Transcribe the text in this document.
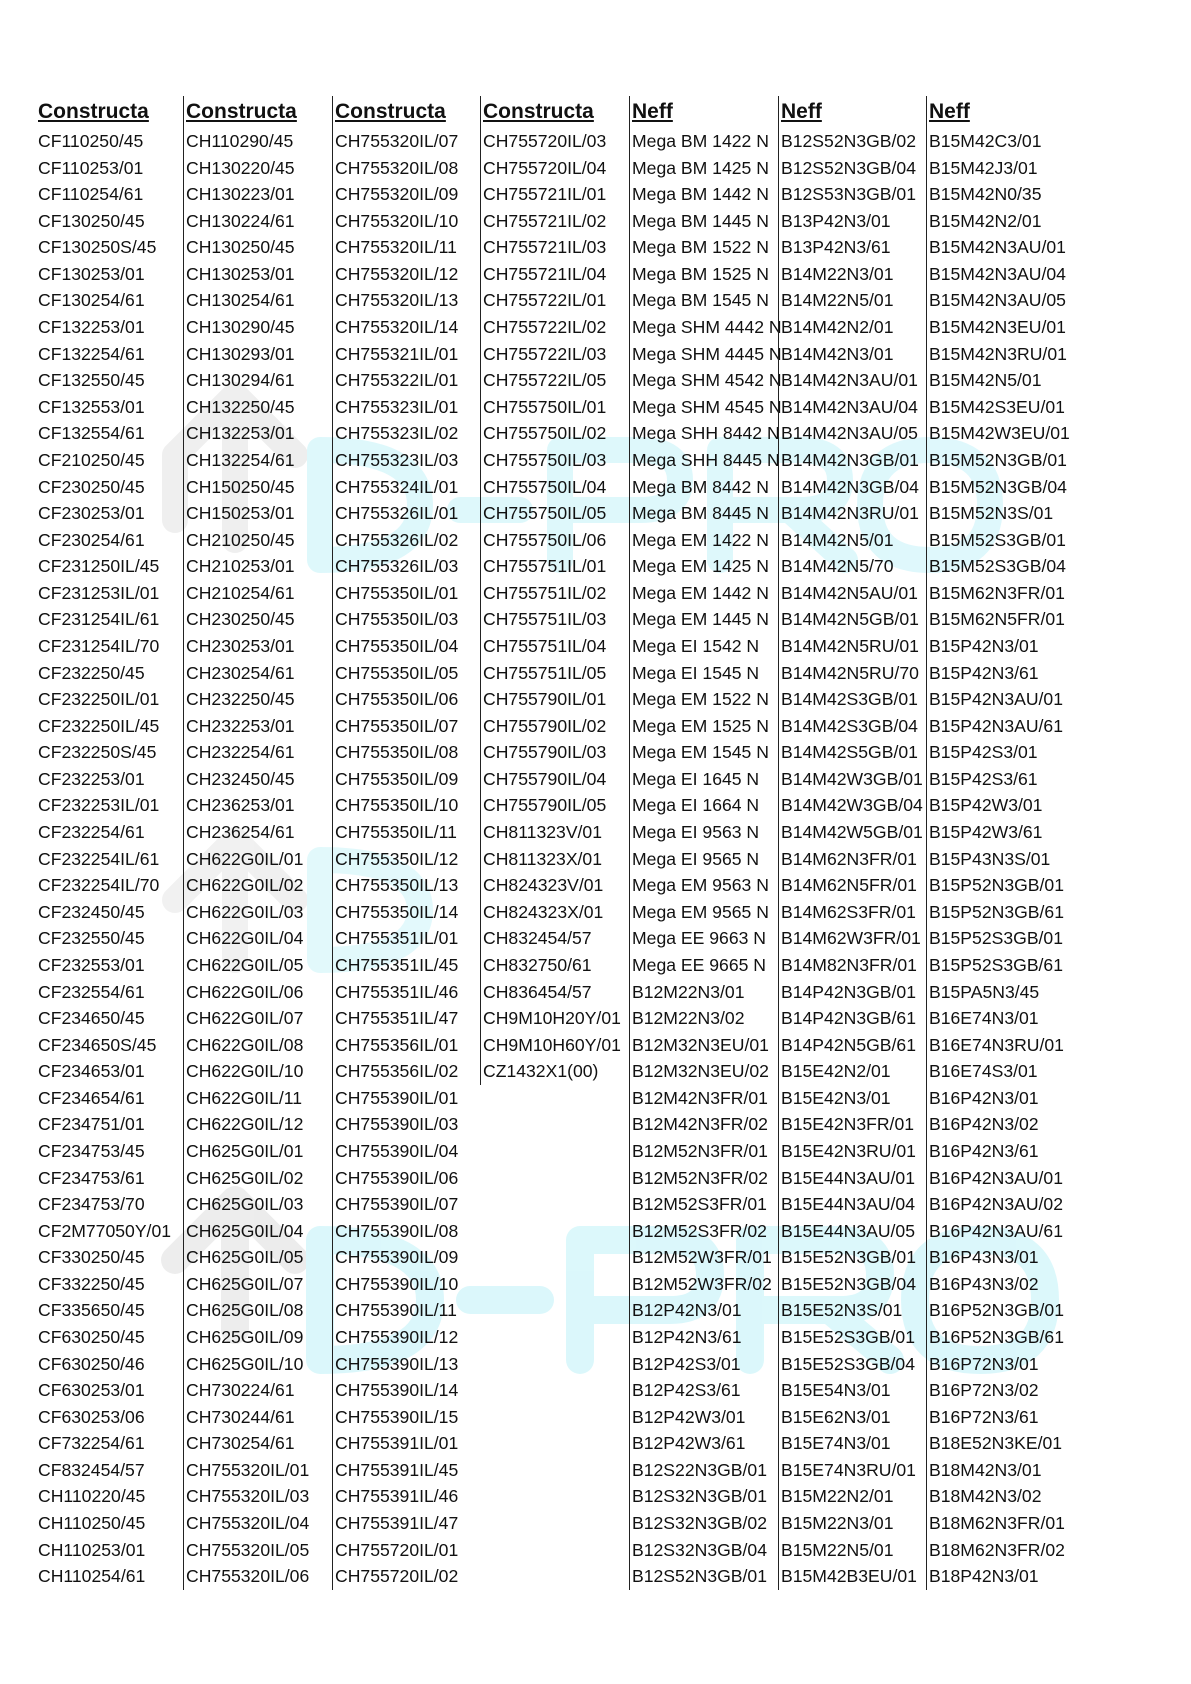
Constructa
CF110250/45
CF110253/01
CF110254/61
CF130250/45
CF130250S/45
CF130253/01
CF130254/61
CF132253/01
CF132254/61
CF132550/45
CF132553/01
CF132554/61
CF210250/45
CF230250/45
CF230253/01
CF230254/61
CF231250IL/45
CF231253IL/01
CF231254IL/61
CF231254IL/70
CF232250/45
CF232250IL/01
CF232250IL/45
CF232250S/45
CF232253/01
CF232253IL/01
CF232254/61
CF232254IL/61
CF232254IL/70
CF232450/45
CF232550/45
CF232553/01
CF232554/61
CF234650/45
CF234650S/45
CF234653/01
CF234654/61
CF234751/01
CF234753/45
CF234753/61
CF234753/70
CF2M77050Y/01
CF330250/45
CF332250/45
CF335650/45
CF630250/45
CF630250/46
CF630253/01
CF630253/06
CF732254/61
CF832454/57
CH110220/45
CH110250/45
CH110253/01
CH110254/61
Constructa
CH110290/45
CH130220/45
CH130223/01
CH130224/61
CH130250/45
CH130253/01
CH130254/61
CH130290/45
CH130293/01
CH130294/61
CH132250/45
CH132253/01
CH132254/61
CH150250/45
CH150253/01
CH210250/45
CH210253/01
CH210254/61
CH230250/45
CH230253/01
CH230254/61
CH232250/45
CH232253/01
CH232254/61
CH232450/45
CH236253/01
CH236254/61
CH622G0IL/01
CH622G0IL/02
CH622G0IL/03
CH622G0IL/04
CH622G0IL/05
CH622G0IL/06
CH622G0IL/07
CH622G0IL/08
CH622G0IL/10
CH622G0IL/11
CH622G0IL/12
CH625G0IL/01
CH625G0IL/02
CH625G0IL/03
CH625G0IL/04
CH625G0IL/05
CH625G0IL/07
CH625G0IL/08
CH625G0IL/09
CH625G0IL/10
CH730224/61
CH730244/61
CH730254/61
CH755320IL/01
CH755320IL/03
CH755320IL/04
CH755320IL/05
CH755320IL/06
Constructa
CH755320IL/07
CH755320IL/08
CH755320IL/09
CH755320IL/10
CH755320IL/11
CH755320IL/12
CH755320IL/13
CH755320IL/14
CH755321IL/01
CH755322IL/01
CH755323IL/01
CH755323IL/02
CH755323IL/03
CH755324IL/01
CH755326IL/01
CH755326IL/02
CH755326IL/03
CH755350IL/01
CH755350IL/03
CH755350IL/04
CH755350IL/05
CH755350IL/06
CH755350IL/07
CH755350IL/08
CH755350IL/09
CH755350IL/10
CH755350IL/11
CH755350IL/12
CH755350IL/13
CH755350IL/14
CH755351IL/01
CH755351IL/45
CH755351IL/46
CH755351IL/47
CH755356IL/01
CH755356IL/02
CH755390IL/01
CH755390IL/03
CH755390IL/04
CH755390IL/06
CH755390IL/07
CH755390IL/08
CH755390IL/09
CH755390IL/10
CH755390IL/11
CH755390IL/12
CH755390IL/13
CH755390IL/14
CH755390IL/15
CH755391IL/01
CH755391IL/45
CH755391IL/46
CH755391IL/47
CH755720IL/01
CH755720IL/02
Constructa
CH755720IL/03
CH755720IL/04
CH755721IL/01
CH755721IL/02
CH755721IL/03
CH755721IL/04
CH755722IL/01
CH755722IL/02
CH755722IL/03
CH755722IL/05
CH755750IL/01
CH755750IL/02
CH755750IL/03
CH755750IL/04
CH755750IL/05
CH755750IL/06
CH755751IL/01
CH755751IL/02
CH755751IL/03
CH755751IL/04
CH755751IL/05
CH755790IL/01
CH755790IL/02
CH755790IL/03
CH755790IL/04
CH755790IL/05
CH811323V/01
CH811323X/01
CH824323V/01
CH824323X/01
CH832454/57
CH832750/61
CH836454/57
CH9M10H20Y/01
CH9M10H60Y/01
CZ1432X1(00)
Neff
Mega BM 1422 N
Mega BM 1425 N
Mega BM 1442 N
Mega BM 1445 N
Mega BM 1522 N
Mega BM 1525 N
Mega BM 1545 N
Mega SHM 4442 N
Mega SHM 4445 N
Mega SHM 4542 N
Mega SHM 4545 N
Mega SHH 8442 N
Mega SHH 8445 N
Mega BM 8442 N
Mega BM 8445 N
Mega EM 1422 N
Mega EM 1425 N
Mega EM 1442 N
Mega EM 1445 N
Mega EI 1542 N
Mega EI 1545 N
Mega EM 1522 N
Mega EM 1525 N
Mega EM 1545 N
Mega EI 1645 N
Mega EI 1664 N
Mega EI 9563 N
Mega EI 9565 N
Mega EM 9563 N
Mega EM 9565 N
Mega EE 9663 N
Mega EE 9665 N
B12M22N3/01
B12M22N3/02
B12M32N3EU/01
B12M32N3EU/02
B12M42N3FR/01
B12M42N3FR/02
B12M52N3FR/01
B12M52N3FR/02
B12M52S3FR/01
B12M52S3FR/02
B12M52W3FR/01
B12M52W3FR/02
B12P42N3/01
B12P42N3/61
B12P42S3/01
B12P42S3/61
B12P42W3/01
B12P42W3/61
B12S22N3GB/01
B12S32N3GB/01
B12S32N3GB/02
B12S32N3GB/04
B12S52N3GB/01
Neff
B12S52N3GB/02
B12S52N3GB/04
B12S53N3GB/01
B13P42N3/01
B13P42N3/61
B14M22N3/01
B14M22N5/01
B14M42N2/01
B14M42N3/01
B14M42N3AU/01
B14M42N3AU/04
B14M42N3AU/05
B14M42N3GB/01
B14M42N3GB/04
B14M42N3RU/01
B14M42N5/01
B14M42N5/70
B14M42N5AU/01
B14M42N5GB/01
B14M42N5RU/01
B14M42N5RU/70
B14M42S3GB/01
B14M42S3GB/04
B14M42S5GB/01
B14M42W3GB/01
B14M42W3GB/04
B14M42W5GB/01
B14M62N3FR/01
B14M62N5FR/01
B14M62S3FR/01
B14M62W3FR/01
B14M82N3FR/01
B14P42N3GB/01
B14P42N3GB/61
B14P42N5GB/61
B15E42N2/01
B15E42N3/01
B15E42N3FR/01
B15E42N3RU/01
B15E44N3AU/01
B15E44N3AU/04
B15E44N3AU/05
B15E52N3GB/01
B15E52N3GB/04
B15E52N3S/01
B15E52S3GB/01
B15E52S3GB/04
B15E54N3/01
B15E62N3/01
B15E74N3/01
B15E74N3RU/01
B15M22N2/01
B15M22N3/01
B15M22N5/01
B15M42B3EU/01
Neff
B15M42C3/01
B15M42J3/01
B15M42N0/35
B15M42N2/01
B15M42N3AU/01
B15M42N3AU/04
B15M42N3AU/05
B15M42N3EU/01
B15M42N3RU/01
B15M42N5/01
B15M42S3EU/01
B15M42W3EU/01
B15M52N3GB/01
B15M52N3GB/04
B15M52N3S/01
B15M52S3GB/01
B15M52S3GB/04
B15M62N3FR/01
B15M62N5FR/01
B15P42N3/01
B15P42N3/61
B15P42N3AU/01
B15P42N3AU/61
B15P42S3/01
B15P42S3/61
B15P42W3/01
B15P42W3/61
B15P43N3S/01
B15P52N3GB/01
B15P52N3GB/61
B15P52S3GB/01
B15P52S3GB/61
B15PA5N3/45
B16E74N3/01
B16E74N3RU/01
B16E74S3/01
B16P42N3/01
B16P42N3/02
B16P42N3/61
B16P42N3AU/01
B16P42N3AU/02
B16P42N3AU/61
B16P43N3/01
B16P43N3/02
B16P52N3GB/01
B16P52N3GB/61
B16P72N3/01
B16P72N3/02
B16P72N3/61
B18E52N3KE/01
B18M42N3/01
B18M42N3/02
B18M62N3FR/01
B18M62N3FR/02
B18P42N3/01
